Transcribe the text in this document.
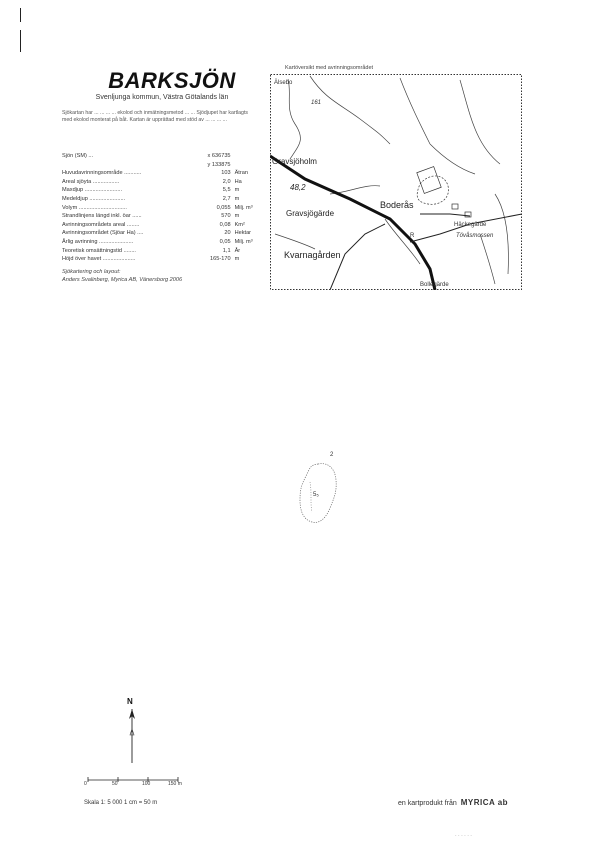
BARKSJÖN
Svenljunga kommun, Västra Götalands län
Sjökartan har ... ... ... ... ekolod och inmätningsmetod ... ... Sjödjupet har kartlagts med ekolod monterat på båt. Kartan är upprättad med stöd av ... ... ... ...
Sjön (SM) ...	x 636735
y 133875
Huvudavrinningsområde ...........	103 Ätran
Areal sjöyta .................	2,0 Ha
Maxdjup ........................	5,5 m
Medeldjup .......................	2,7 m
Volym ...............................	0,055 Milj. m³
Strandlinjens längd inkl. öar ......	570 m
Avrinningsområdets areal ........	0,08 Km²
Avrinningsområdet (Sjöar Ha) ....	20 Hektar
Årlig avrinning ......................	0,05 Milj. m³
Teoretisk omsättningstid ........	1,1 År
Höjd över havet .....................	165-170 m
Sjökartering och layout:
Anders Svalinberg, Myrica AB, Vänersborg 2006
Kartöversikt med avrinningsområdet
Älsebo
161
Gravsjöholm
48,2
Gravsjögärde
Kvarnagården
Boderås
Häckegärde
Tövåsmossen
R
Bollegärde
2
5₅
N
0	50	100	150 m
Skala 1: 5 000 1 cm = 50 m	en kartprodukt från MYRICA ab
· · · · · ·
